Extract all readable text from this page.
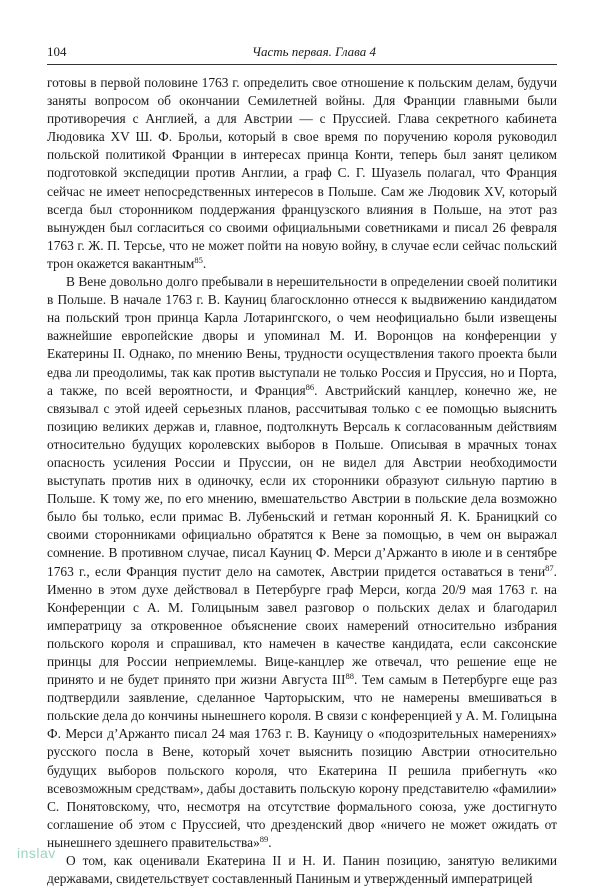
104	Часть первая. Глава 4

готовы в первой половине 1763 г. определить свое отношение к польским делам, будучи заняты вопросом об окончании Семилетней войны. Для Франции главными были противоречия с Англией, а для Австрии — с Пруссией. Глава секретного кабинета Людовика XV Ш. Ф. Брольи, который в свое время по поручению короля руководил польской политикой Франции в интересах принца Конти, теперь был занят целиком подготовкой экспедиции против Англии, а граф С. Г. Шуазель полагал, что Франция сейчас не имеет непосредственных интересов в Польше. Сам же Людовик XV, который всегда был сторонником поддержания французского влияния в Польше, на этот раз вынужден был согласиться со своими официальными советниками и писал 26 февраля 1763 г. Ж. П. Терсье, что не может пойти на новую войну, в случае если сейчас польский трон окажется вакантным$^{85}$.

В Вене довольно долго пребывали в нерешительности в определении своей политики в Польше. В начале 1763 г. В. Кауниц благосклонно отнесся к выдвижению кандидатом на польский трон принца Карла Лотарингского, о чем неофициально были извещены важнейшие европейские дворы и упоминал М. И. Воронцов на конференции у Екатерины II. Однако, по мнению Вены, трудности осуществления такого проекта были едва ли преодолимы, так как против выступали не только Россия и Пруссия, но и Порта, а также, по всей вероятности, и Франция$^{86}$. Австрийский канцлер, конечно же, не связывал с этой идеей серьезных планов, рассчитывая только с ее помощью выяснить позицию великих держав и, главное, подтолкнуть Версаль к согласованным действиям относительно будущих королевских выборов в Польше. Описывая в мрачных тонах опасность усиления России и Пруссии, он не видел для Австрии необходимости выступать против них в одиночку, если их сторонники образуют сильную партию в Польше. К тому же, по его мнению, вмешательство Австрии в польские дела возможно было бы только, если примас В. Лубеньский и гетман коронный Я. К. Браницкий со своими сторонниками официально обратятся к Вене за помощью, в чем он выражал сомнение. В противном случае, писал Кауниц Ф. Мерси д’Аржанто в июле и в сентябре 1763 г., если Франция пустит дело на самотек, Австрии придется оставаться в тени$^{87}$. Именно в этом духе действовал в Петербурге граф Мерси, когда 20/9 мая 1763 г. на Конференции с А. М. Голицыным завел разговор о польских делах и благодарил императрицу за откровенное объяснение своих намерений относительно избрания польского короля и спрашивал, кто намечен в качестве кандидата, если саксонские принцы для России неприемлемы. Вице-канцлер же отвечал, что решение еще не принято и не будет принято при жизни Августа III$^{88}$. Тем самым в Петербурге еще раз подтвердили заявление, сделанное Чарторыским, что не намерены вмешиваться в польские дела до кончины нынешнего короля. В связи с конференцией у А. М. Голицына Ф. Мерси д’Аржанто писал 24 мая 1763 г. В. Кауницу о «подозрительных намерениях» русского посла в Вене, который хочет выяснить позицию Австрии относительно будущих выборов польского короля, что Екатерина II решила прибегнуть «ко всевозможным средствам», дабы доставить польскую корону представителю «фамилии» С. Понятовскому, что, несмотря на отсутствие формального союза, уже достигнуто соглашение об этом с Пруссией, что дрезденский двор «ничего не может ожидать от нынешнего здешнего правительства»$^{89}$.

О том, как оценивали Екатерина II и Н. И. Панин позицию, занятую великими державами, свидетельствует составленный Паниным и утвержденный императрицей

inslav
